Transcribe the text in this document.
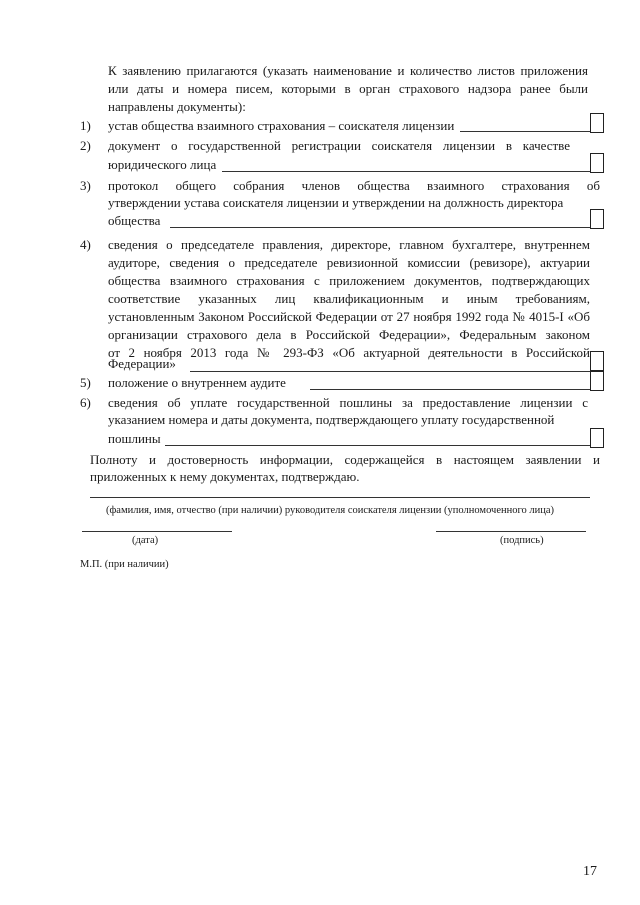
К заявлению прилагаются (указать наименование и количество листов приложения
или даты и номера писем, которыми в орган страхового надзора ранее были
направлены документы):
1) устав общества взаимного страхования – соискателя лицензии
2) документ о государственной регистрации соискателя лицензии в качестве
юридического лица
3) протокол общего собрания членов общества взаимного страхования об
утверждении устава соискателя лицензии и утверждении на должность директора
общества
4) сведения о председателе правления, директоре, главном бухгалтере, внутреннем
аудиторе, сведения о председателе ревизионной комиссии (ревизоре), актуарии
общества взаимного страхования с приложением документов, подтверждающих
соответствие указанных лиц квалификационным и иным требованиям,
установленным Законом Российской Федерации от 27 ноября 1992 года № 4015-I «Об
организации страхового дела в Российской Федерации», Федеральным законом
от 2 ноября 2013 года № 293-ФЗ «Об актуарной деятельности в Российской
Федерации»
5) положение о внутреннем аудите
6) сведения об уплате государственной пошлины за предоставление лицензии с
указанием номера и даты документа, подтверждающего уплату государственной
пошлины
Полноту и достоверность информации, содержащейся в настоящем заявлении и
приложенных к нему документах, подтверждаю.
(фамилия, имя, отчество (при наличии) руководителя соискателя лицензии (уполномоченного лица)
(дата)	(подпись)
М.П. (при наличии)
17
